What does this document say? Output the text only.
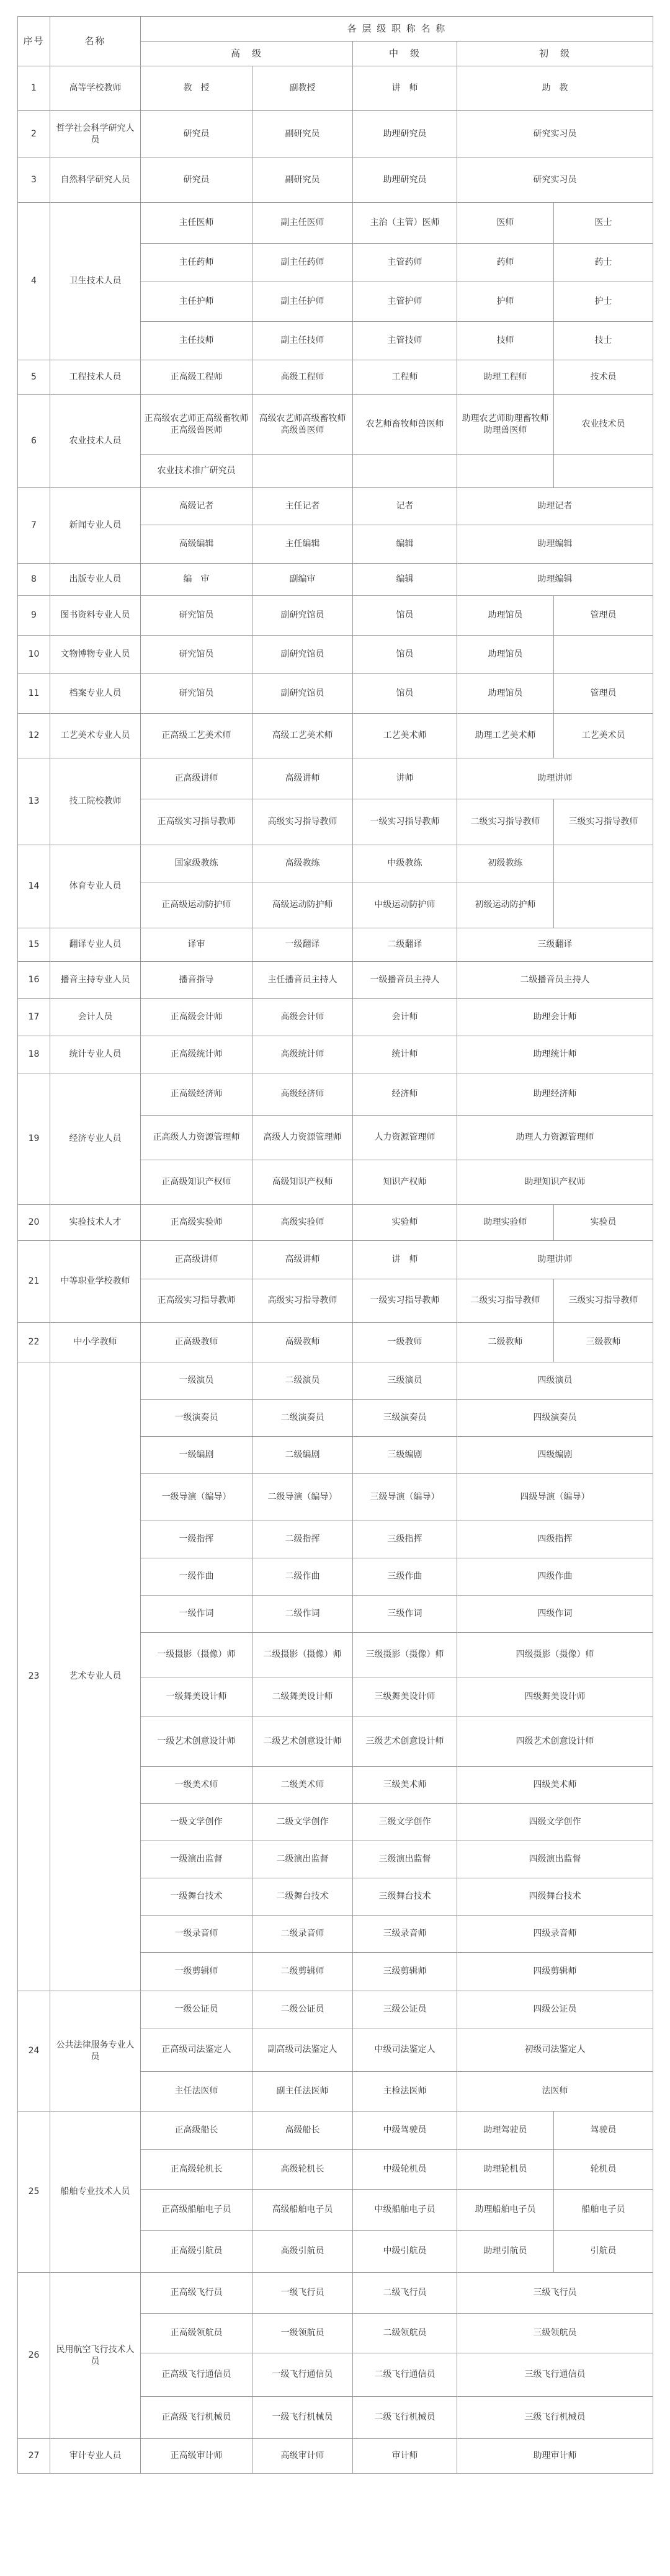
序号	名称	各 层 级 职 称 名 称				
		高　级		中　级	初　级	
1	高等学校教师	教　授	副教授	讲　师	助　教	
2	哲学社会科学研究人员	研究员	副研究员	助理研究员	研究实习员	
3	自然科学研究人员	研究员	副研究员	助理研究员	研究实习员	
4	卫生技术人员	主任医师	副主任医师	主治（主管）医师	医师	医士
		主任药师	副主任药师	主管药师	药师	药士
		主任护师	副主任护师	主管护师	护师	护士
		主任技师	副主任技师	主管技师	技师	技士
5	工程技术人员	正高级工程师	高级工程师	工程师	助理工程师	技术员
6	农业技术人员	正高级农艺师正高级畜牧师正高级兽医师	高级农艺师高级畜牧师高级兽医师	农艺师畜牧师兽医师	助理农艺师助理畜牧师助理兽医师	农业技术员
		农业技术推广研究员				
7	新闻专业人员	高级记者	主任记者	记者	助理记者	
		高级编辑	主任编辑	编辑	助理编辑	
8	出版专业人员	编　审	副编审	编辑	助理编辑	
9	图书资料专业人员	研究馆员	副研究馆员	馆员	助理馆员	管理员
10	文物博物专业人员	研究馆员	副研究馆员	馆员	助理馆员	
11	档案专业人员	研究馆员	副研究馆员	馆员	助理馆员	管理员
12	工艺美术专业人员	正高级工艺美术师	高级工艺美术师	工艺美术师	助理工艺美术师	工艺美术员
13	技工院校教师	正高级讲师	高级讲师	讲师	助理讲师	
		正高级实习指导教师	高级实习指导教师	一级实习指导教师	二级实习指导教师	三级实习指导教师
14	体育专业人员	国家级教练	高级教练	中级教练	初级教练	
		正高级运动防护师	高级运动防护师	中级运动防护师	初级运动防护师	
15	翻译专业人员	译审	一级翻译	二级翻译	三级翻译	
16	播音主持专业人员	播音指导	主任播音员主持人	一级播音员主持人	二级播音员主持人	
17	会计人员	正高级会计师	高级会计师	会计师	助理会计师	
18	统计专业人员	正高级统计师	高级统计师	统计师	助理统计师	
19	经济专业人员	正高级经济师	高级经济师	经济师	助理经济师	
		正高级人力资源管理师	高级人力资源管理师	人力资源管理师	助理人力资源管理师	
		正高级知识产权师	高级知识产权师	知识产权师	助理知识产权师	
20	实验技术人才	正高级实验师	高级实验师	实验师	助理实验师	实验员
21	中等职业学校教师	正高级讲师	高级讲师	讲　师	助理讲师	
		正高级实习指导教师	高级实习指导教师	一级实习指导教师	二级实习指导教师	三级实习指导教师
22	中小学教师	正高级教师	高级教师	一级教师	二级教师	三级教师
23	艺术专业人员	一级演员	二级演员	三级演员	四级演员	
		一级演奏员	二级演奏员	三级演奏员	四级演奏员	
		一级编剧	二级编剧	三级编剧	四级编剧	
		一级导演（编导）	二级导演（编导）	三级导演（编导）	四级导演（编导）	
		一级指挥	二级指挥	三级指挥	四级指挥	
		一级作曲	二级作曲	三级作曲	四级作曲	
		一级作词	二级作词	三级作词	四级作词	
		一级摄影（摄像）师	二级摄影（摄像）师	三级摄影（摄像）师	四级摄影（摄像）师	
		一级舞美设计师	二级舞美设计师	三级舞美设计师	四级舞美设计师	
		一级艺术创意设计师	二级艺术创意设计师	三级艺术创意设计师	四级艺术创意设计师	
		一级美术师	二级美术师	三级美术师	四级美术师	
		一级文学创作	二级文学创作	三级文学创作	四级文学创作	
		一级演出监督	二级演出监督	三级演出监督	四级演出监督	
		一级舞台技术	二级舞台技术	三级舞台技术	四级舞台技术	
		一级录音师	二级录音师	三级录音师	四级录音师	
		一级剪辑师	二级剪辑师	三级剪辑师	四级剪辑师	
24	公共法律服务专业人员	一级公证员	二级公证员	三级公证员	四级公证员	
		正高级司法鉴定人	副高级司法鉴定人	中级司法鉴定人	初级司法鉴定人	
		主任法医师	副主任法医师	主检法医师	法医师	
25	船舶专业技术人员	正高级船长	高级船长	中级驾驶员	助理驾驶员	驾驶员
		正高级轮机长	高级轮机长	中级轮机员	助理轮机员	轮机员
		正高级船舶电子员	高级船舶电子员	中级船舶电子员	助理船舶电子员	船舶电子员
		正高级引航员	高级引航员	中级引航员	助理引航员	引航员
26	民用航空飞行技术人员	正高级飞行员	一级飞行员	二级飞行员	三级飞行员	
		正高级领航员	一级领航员	二级领航员	三级领航员	
		正高级飞行通信员	一级飞行通信员	二级飞行通信员	三级飞行通信员	
		正高级飞行机械员	一级飞行机械员	二级飞行机械员	三级飞行机械员	
27	审计专业人员	正高级审计师	高级审计师	审计师	助理审计师	
